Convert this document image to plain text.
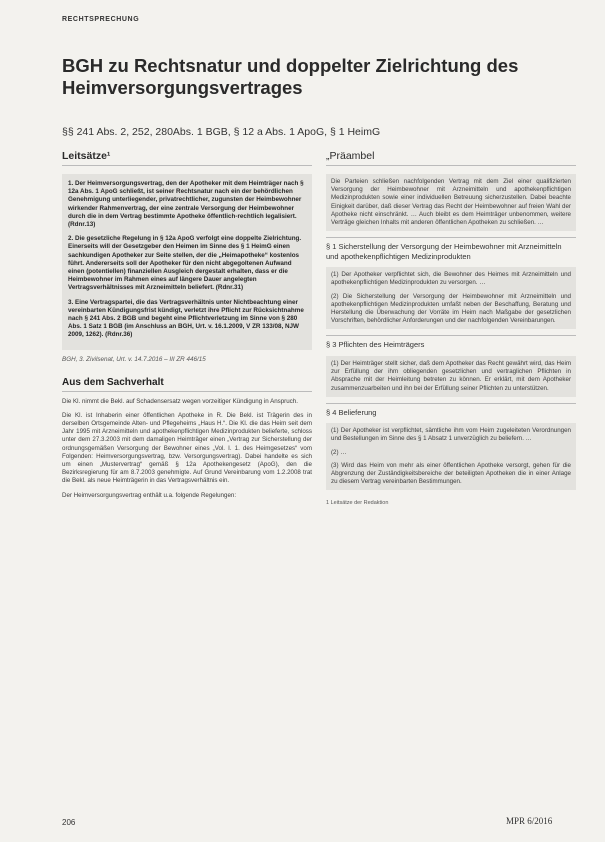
RECHTSPRECHUNG
BGH zu Rechtsnatur und doppelter Zielrichtung des Heimversorgungsvertrages
§§ 241 Abs. 2, 252, 280Abs. 1 BGB, § 12 a Abs. 1 ApoG, § 1 HeimG
Leitsätze¹

1. Der Heimversorgungsvertrag, den der Apotheker mit dem Heimträger nach § 12a Abs. 1 ApoG schließt, ist seiner Rechtsnatur nach ein der behördlichen Genehmigung unterliegender, privatrechtlicher, zugunsten der Heimbewohner wirkender Rahmenvertrag, der eine zentrale Versorgung der Heimbewohner durch die in dem Vertrag bestimmte Apotheke öffentlich-rechtlich legalisiert. (Rdnr.13)

2. Die gesetzliche Regelung in § 12a ApoG verfolgt eine doppelte Zielrichtung. Einerseits will der Gesetzgeber den Heimen im Sinne des § 1 HeimG einen sachkundigen Apotheker zur Seite stellen, der die „Heimapotheke“ kostenlos führt. Andererseits soll der Apotheker für den nicht abgegoltenen Aufwand einen (potentiellen) finanziellen Ausgleich dergestalt erhalten, dass er die Heimbewohner im Rahmen eines auf längere Dauer angelegten Vertragsverhältnisses mit Arzneimitteln beliefert. (Rdnr.31)

3. Eine Vertragspartei, die das Vertragsverhältnis unter Nichtbeachtung einer vereinbarten Kündigungsfrist kündigt, verletzt ihre Pflicht zur Rücksichtnahme nach § 241 Abs. 2 BGB und begeht eine Pflichtverletzung im Sinne von § 280 Abs. 1 Satz 1 BGB (im Anschluss an BGH, Urt. v. 16.1.2009, V ZR 133/08, NJW 2009, 1262). (Rdnr.36)

BGH, 3. Zivilsenat, Urt. v. 14.7.2016 – III ZR 446/15
Aus dem Sachverhalt

Die Kl. nimmt die Bekl. auf Schadensersatz wegen vorzeitiger Kündigung in Anspruch.

Die Kl. ist Inhaberin einer öffentlichen Apotheke in R. Die Bekl. ist Trägerin des in derselben Ortsgemeinde Alten- und Pflegeheims „Haus H.“. Die Kl. die das Heim seit dem Jahr 1995 mit Arzneimitteln und apothekenpflichtigen Medizinprodukten belieferte, schloss unter dem 27.3.2003 mit dem damaligen Heimträger einen „Vertrag zur Sicherstellung der ordnungsgemäßen Versorgung der Bewohner eines „Vol. I. 1. des Heimgesetzes“ vom Folgenden: Heimversorgungsvertrag, bzw. Versorgungsvertrag). Dabei handelte es sich um einen „Mustervertrag“ gemäß § 12a Apothekengesetz (ApoG), den die Bezirksregierung für am 8.7.2003 genehmigte. Auf Grund Vereinbarung vom 1.2.2008 trat die Bekl. als neue Heimträgerin in das Vertragsverhältnis ein.

Der Heimversorgungsvertrag enthält u.a. folgende Regelungen:

„Präambel

Die Parteien schließen nachfolgenden Vertrag mit dem Ziel einer qualifizierten Versorgung der Heimbewohner mit Arzneimitteln und apothekenpflichtigen Medizinprodukten sowie einer individuellen Betreuung sicherzustellen. Dabei beachte Einigkeit darüber, daß dieser Vertrag das Recht der Heimbewohner auf freien Wahl der Apotheke nicht einschränkt. … Auch bleibt es dem Heimträger unbenommen, weitere Verträge gleichen Inhalts mit anderen öffentlichen Apotheken zu schließen. …

§ 1 Sicherstellung der Versorgung der Heimbewohner mit Arzneimitteln und apothekenpflichtigen Medizinprodukten

(1) Der Apotheker verpflichtet sich, die Bewohner des Heimes mit Arzneimitteln und apothekenpflichtigen Medizinprodukten zu versorgen. …

(2) Die Sicherstellung der Versorgung der Heimbewohner mit Arzneimitteln und apothekenpflichtigen Medizinprodukten umfaßt neben der Beschaffung, Beratung und Herstellung die Überwachung der Vorräte im Heim nach Maßgabe der gesetzlichen Vorschriften, behördlicher Anforderungen und der nachfolgenden Vereinbarungen.

§ 3 Pflichten des Heimträgers

(1) Der Heimträger stellt sicher, daß dem Apotheker das Recht gewährt wird, das Heim zur Erfüllung der ihm obliegenden gesetzlichen und vertraglichen Pflichten in Absprache mit der Heimleitung betreten zu können. Er erklärt, mit dem Apotheker zusammenzuarbeiten und ihn bei der Erfüllung seiner Pflichten zu unterstützen.

§ 4 Belieferung

(1) Der Apotheker ist verpflichtet, sämtliche ihm vom Heim zugeleiteten Verordnungen und Bestellungen im Sinne des § 1 Absatz 1 unverzüglich zu beliefern. …

(2) …

(3) Wird das Heim von mehr als einer öffentlichen Apotheke versorgt, gehen für die Abgrenzung der Zuständigkeitsbereiche der beteiligten Apotheken die in einer Anlage zu diesem Vertrag vereinbarten Bestimmungen.

1 Leitsätze der Redaktion
206	MPR 6/2016
